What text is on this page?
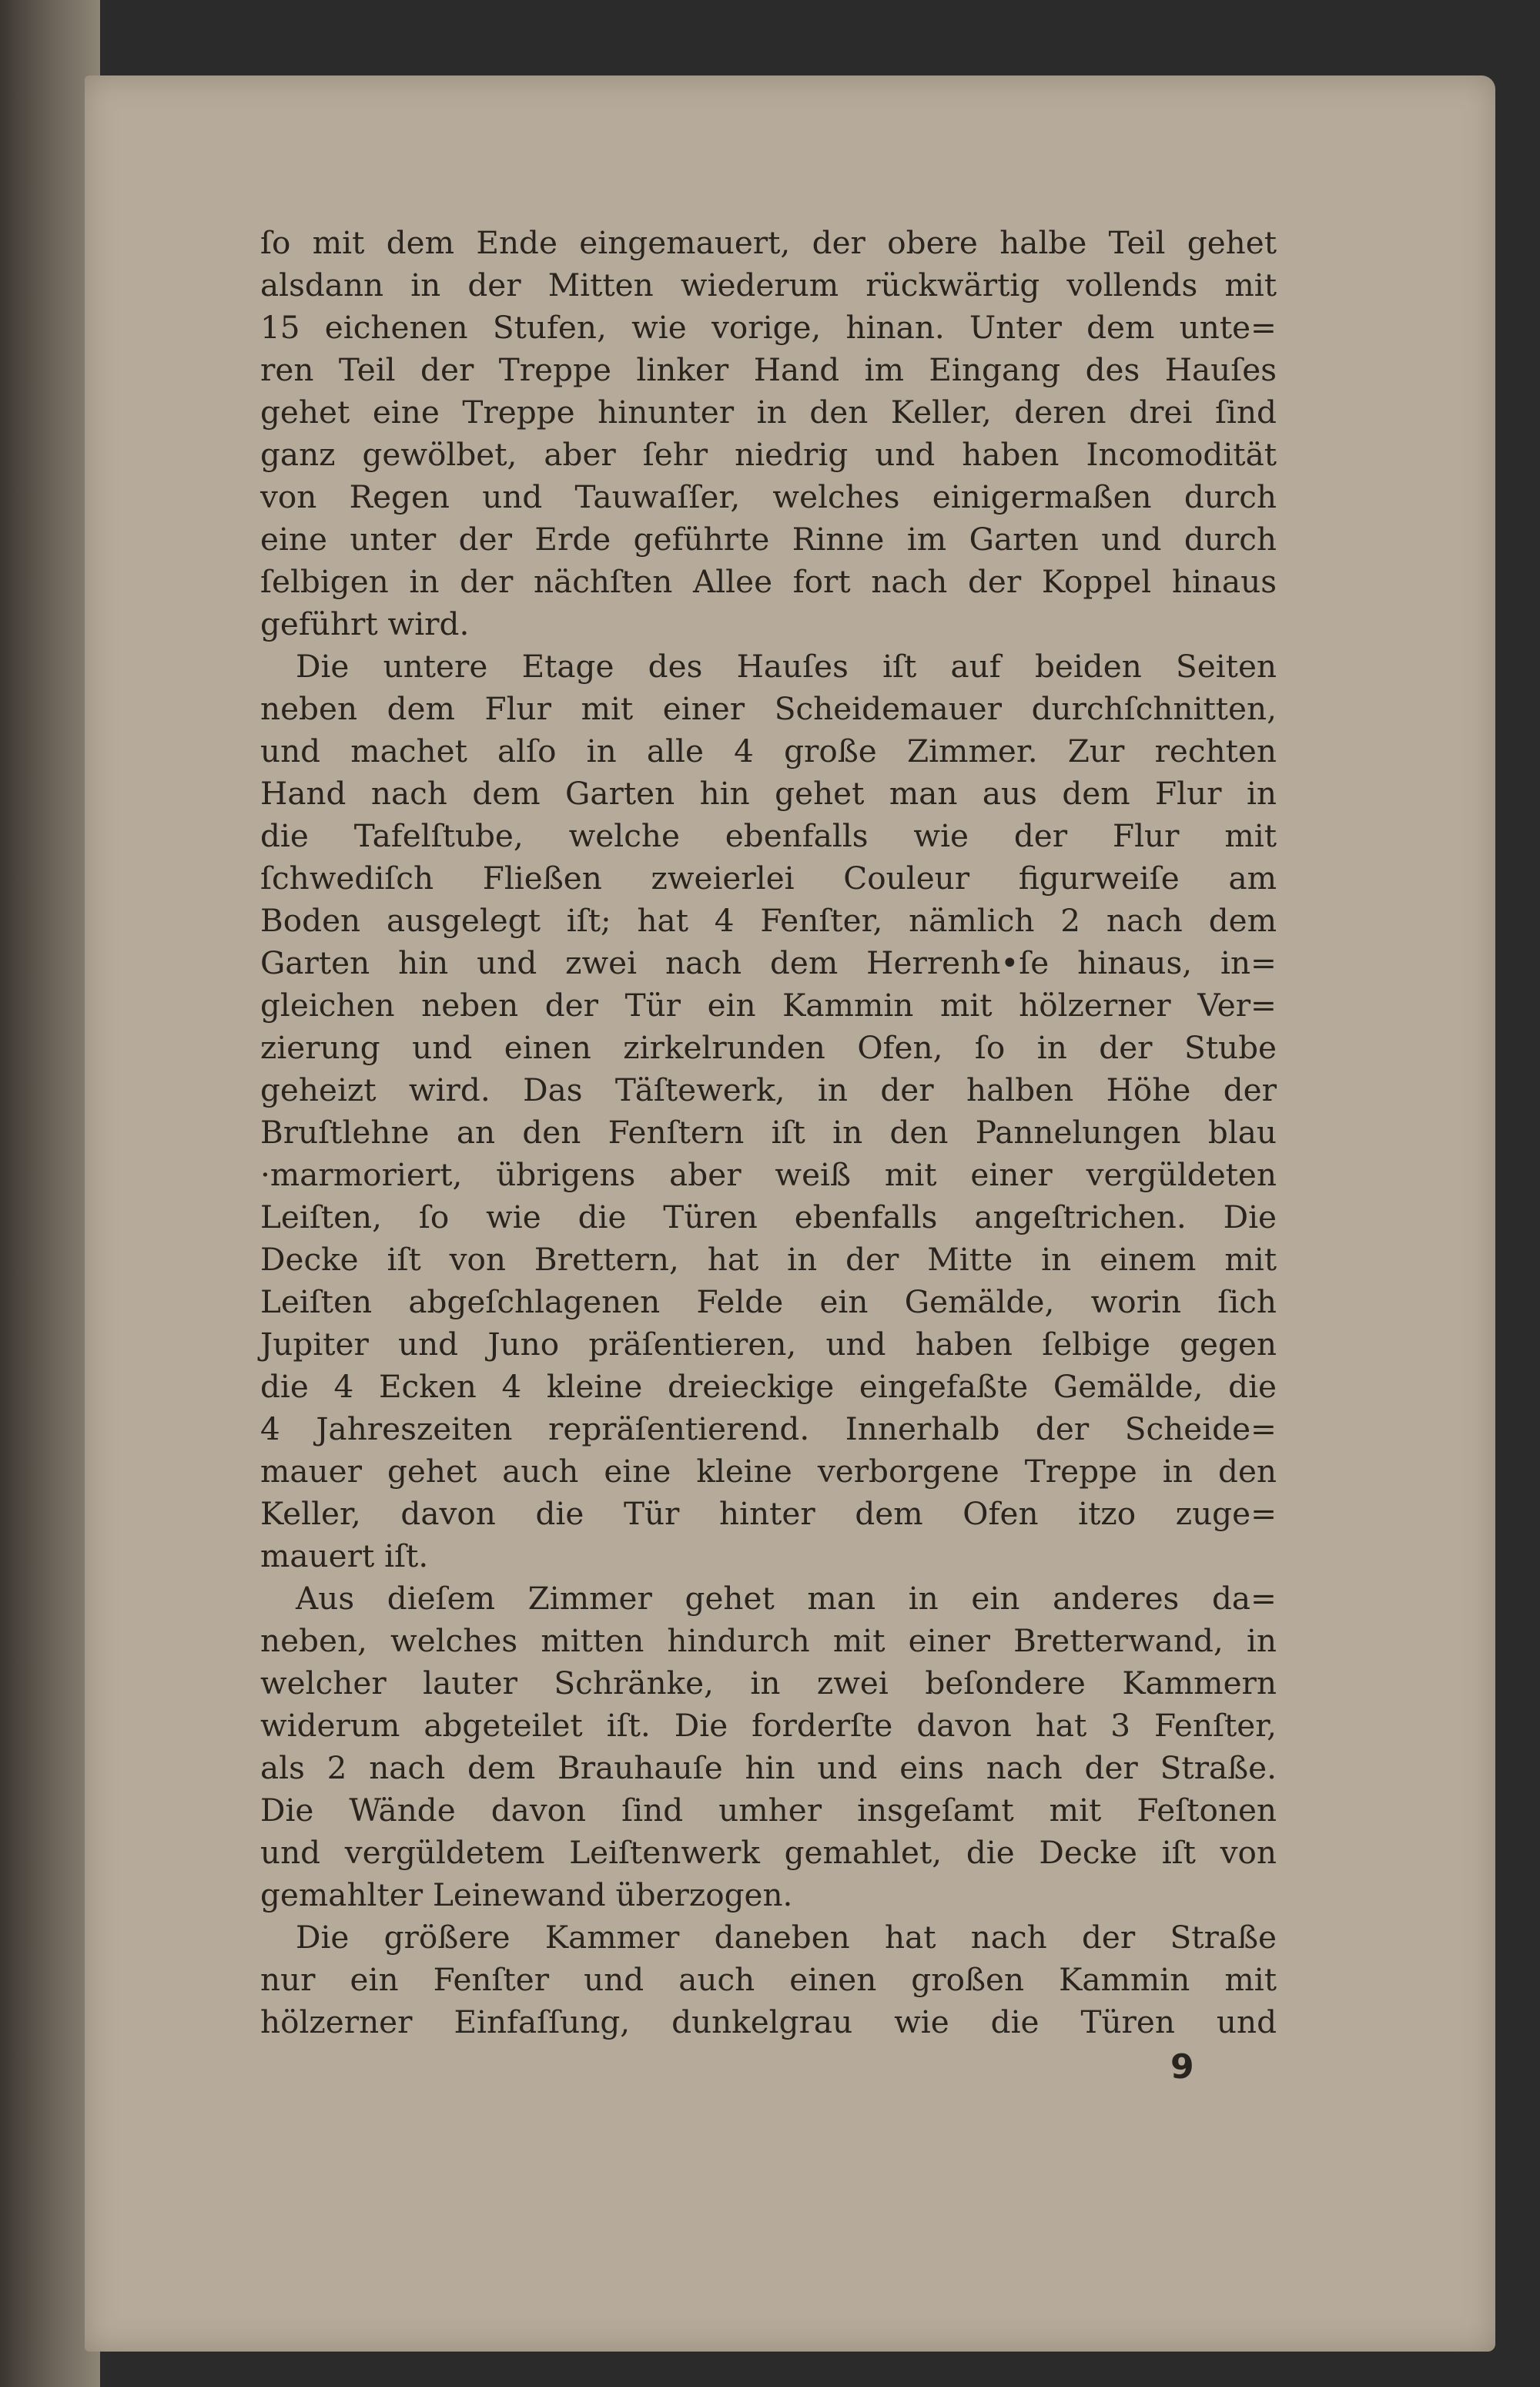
ſo mit dem Ende eingemauert, der obere halbe Teil gehet
alsdann in der Mitten wiederum rückwärtig vollends mit
15 eichenen Stufen, wie vorige, hinan. Unter dem unte=
ren Teil der Treppe linker Hand im Eingang des Hauſes
gehet eine Treppe hinunter in den Keller, deren drei ſind
ganz gewölbet, aber ſehr niedrig und haben Incomodität
von Regen und Tauwaſſer, welches einigermaßen durch
eine unter der Erde geführte Rinne im Garten und durch
ſelbigen in der nächſten Allee fort nach der Koppel hinaus
geführt wird.
Die untere Etage des Hauſes iſt auf beiden Seiten
neben dem Flur mit einer Scheidemauer durchſchnitten,
und machet alſo in alle 4 große Zimmer. Zur rechten
Hand nach dem Garten hin gehet man aus dem Flur in
die Tafelſtube, welche ebenfalls wie der Flur mit
ſchwediſch Fließen zweierlei Couleur figurweiſe am
Boden ausgelegt iſt; hat 4 Fenſter, nämlich 2 nach dem
Garten hin und zwei nach dem Herrenh•ſe hinaus, in=
gleichen neben der Tür ein Kammin mit hölzerner Ver=
zierung und einen zirkelrunden Ofen, ſo in der Stube
geheizt wird. Das Täſtewerk, in der halben Höhe der
Bruſtlehne an den Fenſtern iſt in den Pannelungen blau
·marmoriert, übrigens aber weiß mit einer vergüldeten
Leiſten, ſo wie die Türen ebenfalls angeſtrichen. Die
Decke iſt von Brettern, hat in der Mitte in einem mit
Leiſten abgeſchlagenen Felde ein Gemälde, worin ſich
Jupiter und Juno präſentieren, und haben ſelbige gegen
die 4 Ecken 4 kleine dreieckige eingefaßte Gemälde, die
4 Jahreszeiten repräſentierend. Innerhalb der Scheide=
mauer gehet auch eine kleine verborgene Treppe in den
Keller, davon die Tür hinter dem Ofen itzo zuge=
mauert iſt.
Aus dieſem Zimmer gehet man in ein anderes da=
neben, welches mitten hindurch mit einer Bretterwand, in
welcher lauter Schränke, in zwei beſondere Kammern
widerum abgeteilet iſt. Die forderſte davon hat 3 Fenſter,
als 2 nach dem Brauhauſe hin und eins nach der Straße.
Die Wände davon ſind umher insgeſamt mit Feſtonen
und vergüldetem Leiſtenwerk gemahlet, die Decke iſt von
gemahlter Leinewand überzogen.
Die größere Kammer daneben hat nach der Straße
nur ein Fenſter und auch einen großen Kammin mit
hölzerner Einfaſſung, dunkelgrau wie die Türen und
9
